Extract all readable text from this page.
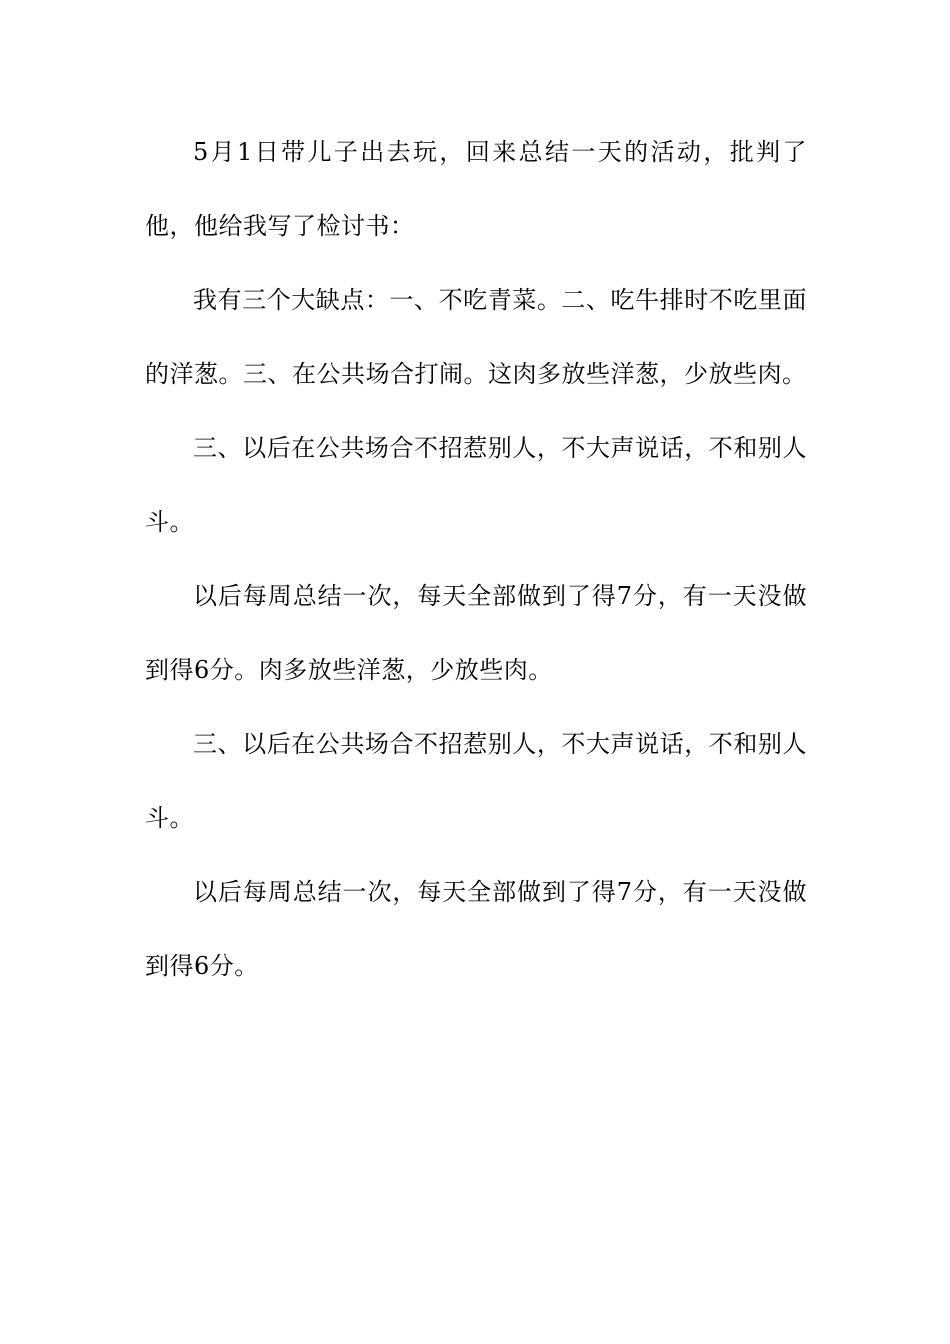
5月1日带儿子出去玩，回来总结一天的活动，批判了他，他给我写了检讨书：

我有三个大缺点：一、不吃青菜。二、吃牛排时不吃里面的洋葱。三、在公共场合打闹。这肉多放些洋葱，少放些肉。

三、以后在公共场合不招惹别人，不大声说话，不和别人斗。

以后每周总结一次，每天全部做到了得7分，有一天没做到得6分。肉多放些洋葱，少放些肉。

三、以后在公共场合不招惹别人，不大声说话，不和别人斗。

以后每周总结一次，每天全部做到了得7分，有一天没做到得6分。
